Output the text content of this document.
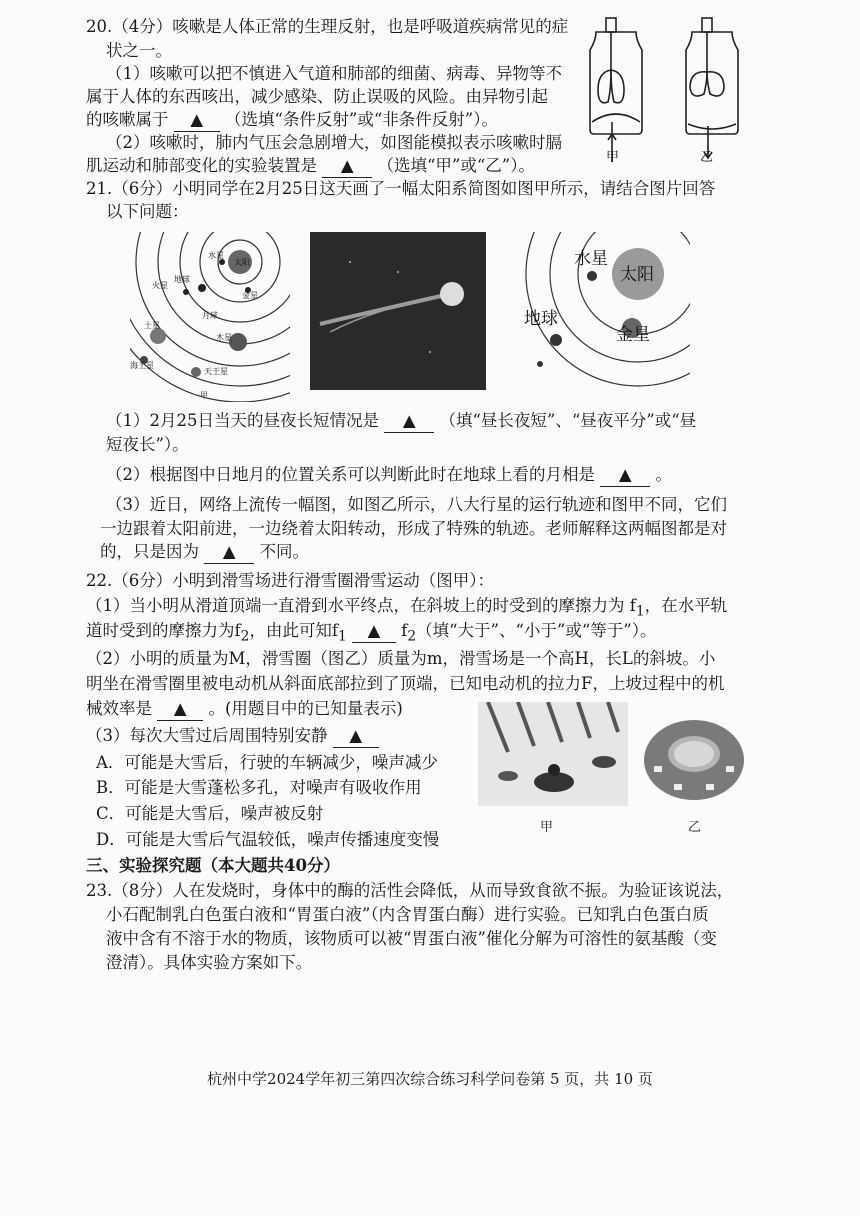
20.（4分）咳嗽是人体正常的生理反射，也是呼吸道疾病常见的症
状之一。
（1）咳嗽可以把不慎进入气道和肺部的细菌、病毒、异物等不
属于人体的东西咳出，减少感染、防止误吸的风险。由异物引起
的咳嗽属于 ▲ （选填“条件反射”或“非条件反射”）。
（2）咳嗽时，肺内气压会急剧增大，如图能模拟表示咳嗽时膈
肌运动和肺部变化的实验装置是 ▲ （选填“甲”或“乙”）。	甲	乙
21.（6分）小明同学在2月25日这天画了一幅太阳系简图如图甲所示，请结合图片回答
以下问题：
水星
太阳
火星
地球
金星
月球
木星
土星
海王星
天王星
甲
水星
太阳
地球
金星
（1）2月25日当天的昼夜长短情况是 ▲ （填“昼长夜短”、“昼夜平分”或“昼
短夜长”）。
（2）根据图中日地月的位置关系可以判断此时在地球上看的月相是 ▲ 。
（3）近日，网络上流传一幅图，如图乙所示，八大行星的运行轨迹和图甲不同，它们
一边跟着太阳前进，一边绕着太阳转动，形成了特殊的轨迹。老师解释这两幅图都是对
的，只是因为 ▲ 不同。
22.（6分）小明到滑雪场进行滑雪圈滑雪运动（图甲）：
（1）当小明从滑道顶端一直滑到水平终点，在斜坡上的时受到的摩擦力为 $f_1$，在水平轨
道时受到的摩擦力为$f_2$，由此可知$f_1$ ▲ $f_2$（填“大于”、“小于”或“等于”）。
（2）小明的质量为M，滑雪圈（图乙）质量为m，滑雪场是一个高H，长L的斜坡。小
明坐在滑雪圈里被电动机从斜面底部拉到了顶端，已知电动机的拉力F，上坡过程中的机
械效率是 ▲ 。(用题目中的已知量表示)
（3）每次大雪过后周围特别安静 ▲
A．可能是大雪后，行驶的车辆减少，噪声减少
B．可能是大雪蓬松多孔，对噪声有吸收作用
C．可能是大雪后，噪声被反射
D．可能是大雪后气温较低，噪声传播速度变慢
甲	乙
三、实验探究题（本大题共40分）
23.（8分）人在发烧时，身体中的酶的活性会降低，从而导致食欲不振。为验证该说法，
小石配制乳白色蛋白液和“胃蛋白液”（内含胃蛋白酶）进行实验。已知乳白色蛋白质
液中含有不溶于水的物质，该物质可以被“胃蛋白液”催化分解为可溶性的氨基酸（变
澄清）。具体实验方案如下。
杭州中学2024学年初三第四次综合练习科学问卷第 5 页，共 10 页
